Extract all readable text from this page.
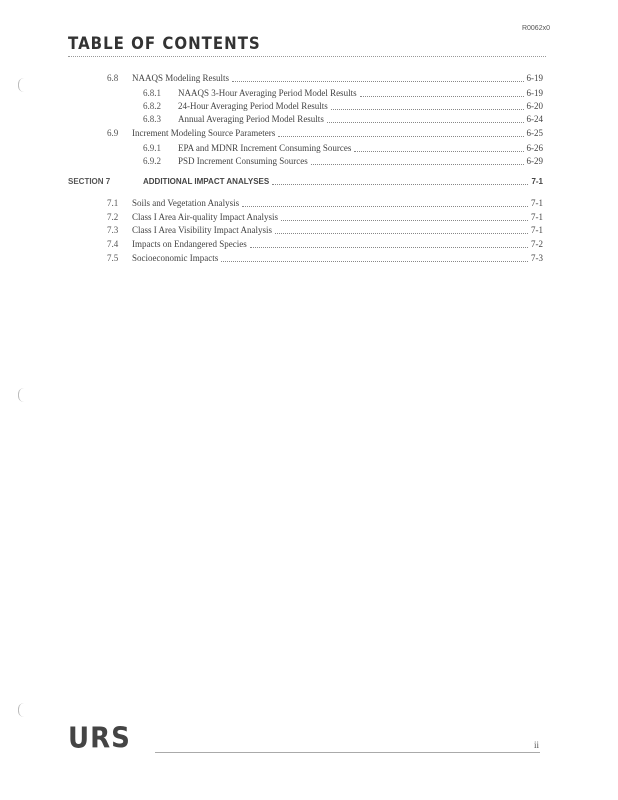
R0062x0
TABLE OF CONTENTS
6.8 NAAQS Modeling Results	6-19
6.8.1 NAAQS 3-Hour Averaging Period Model Results	6-19
6.8.2 24-Hour Averaging Period Model Results	6-20
6.8.3 Annual Averaging Period Model Results	6-24
6.9 Increment Modeling Source Parameters	6-25
6.9.1 EPA and MDNR Increment Consuming Sources	6-26
6.9.2 PSD Increment Consuming Sources	6-29
SECTION 7	ADDITIONAL IMPACT ANALYSES	7-1
7.1 Soils and Vegetation Analysis	7-1
7.2 Class I Area Air-quality Impact Analysis	7-1
7.3 Class I Area Visibility Impact Analysis	7-1
7.4 Impacts on Endangered Species	7-2
7.5 Socioeconomic Impacts	7-3
URS	ii
